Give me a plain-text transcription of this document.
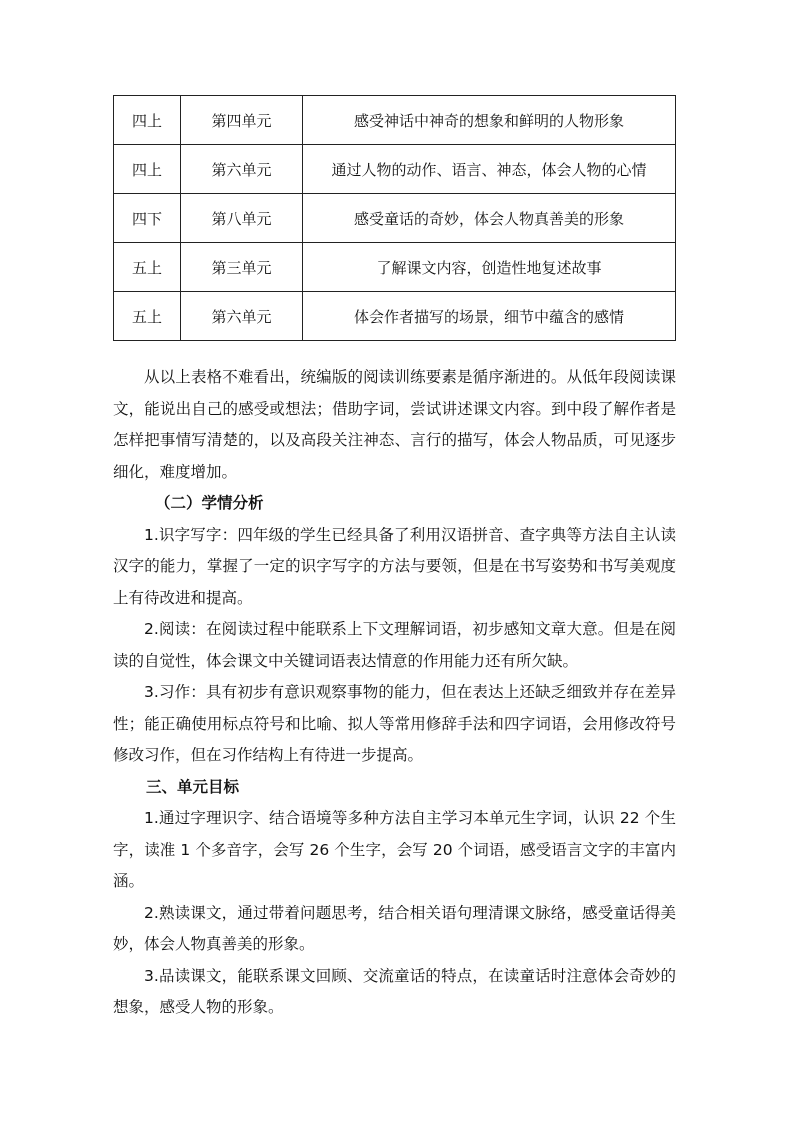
四上	第四单元	感受神话中神奇的想象和鲜明的人物形象
四上	第六单元	通过人物的动作、语言、神态，体会人物的心情
四下	第八单元	感受童话的奇妙，体会人物真善美的形象
五上	第三单元	了解课文内容，创造性地复述故事
五上	第六单元	体会作者描写的场景，细节中蕴含的感情

从以上表格不难看出，统编版的阅读训练要素是循序渐进的。从低年段阅读课文，能说出自己的感受或想法；借助字词，尝试讲述课文内容。到中段了解作者是怎样把事情写清楚的，以及高段关注神态、言行的描写，体会人物品质，可见逐步细化，难度增加。

（二）学情分析

1.识字写字：四年级的学生已经具备了利用汉语拼音、查字典等方法自主认读汉字的能力，掌握了一定的识字写字的方法与要领，但是在书写姿势和书写美观度上有待改进和提高。

2.阅读：在阅读过程中能联系上下文理解词语，初步感知文章大意。但是在阅读的自觉性，体会课文中关键词语表达情意的作用能力还有所欠缺。

3.习作：具有初步有意识观察事物的能力，但在表达上还缺乏细致并存在差异性；能正确使用标点符号和比喻、拟人等常用修辞手法和四字词语，会用修改符号修改习作，但在习作结构上有待进一步提高。

三、单元目标

1.通过字理识字、结合语境等多种方法自主学习本单元生字词，认识 22 个生字，读准 1 个多音字，会写 26 个生字，会写 20 个词语，感受语言文字的丰富内涵。

2.熟读课文，通过带着问题思考，结合相关语句理清课文脉络，感受童话得美妙，体会人物真善美的形象。

3.品读课文，能联系课文回顾、交流童话的特点，在读童话时注意体会奇妙的想象，感受人物的形象。
